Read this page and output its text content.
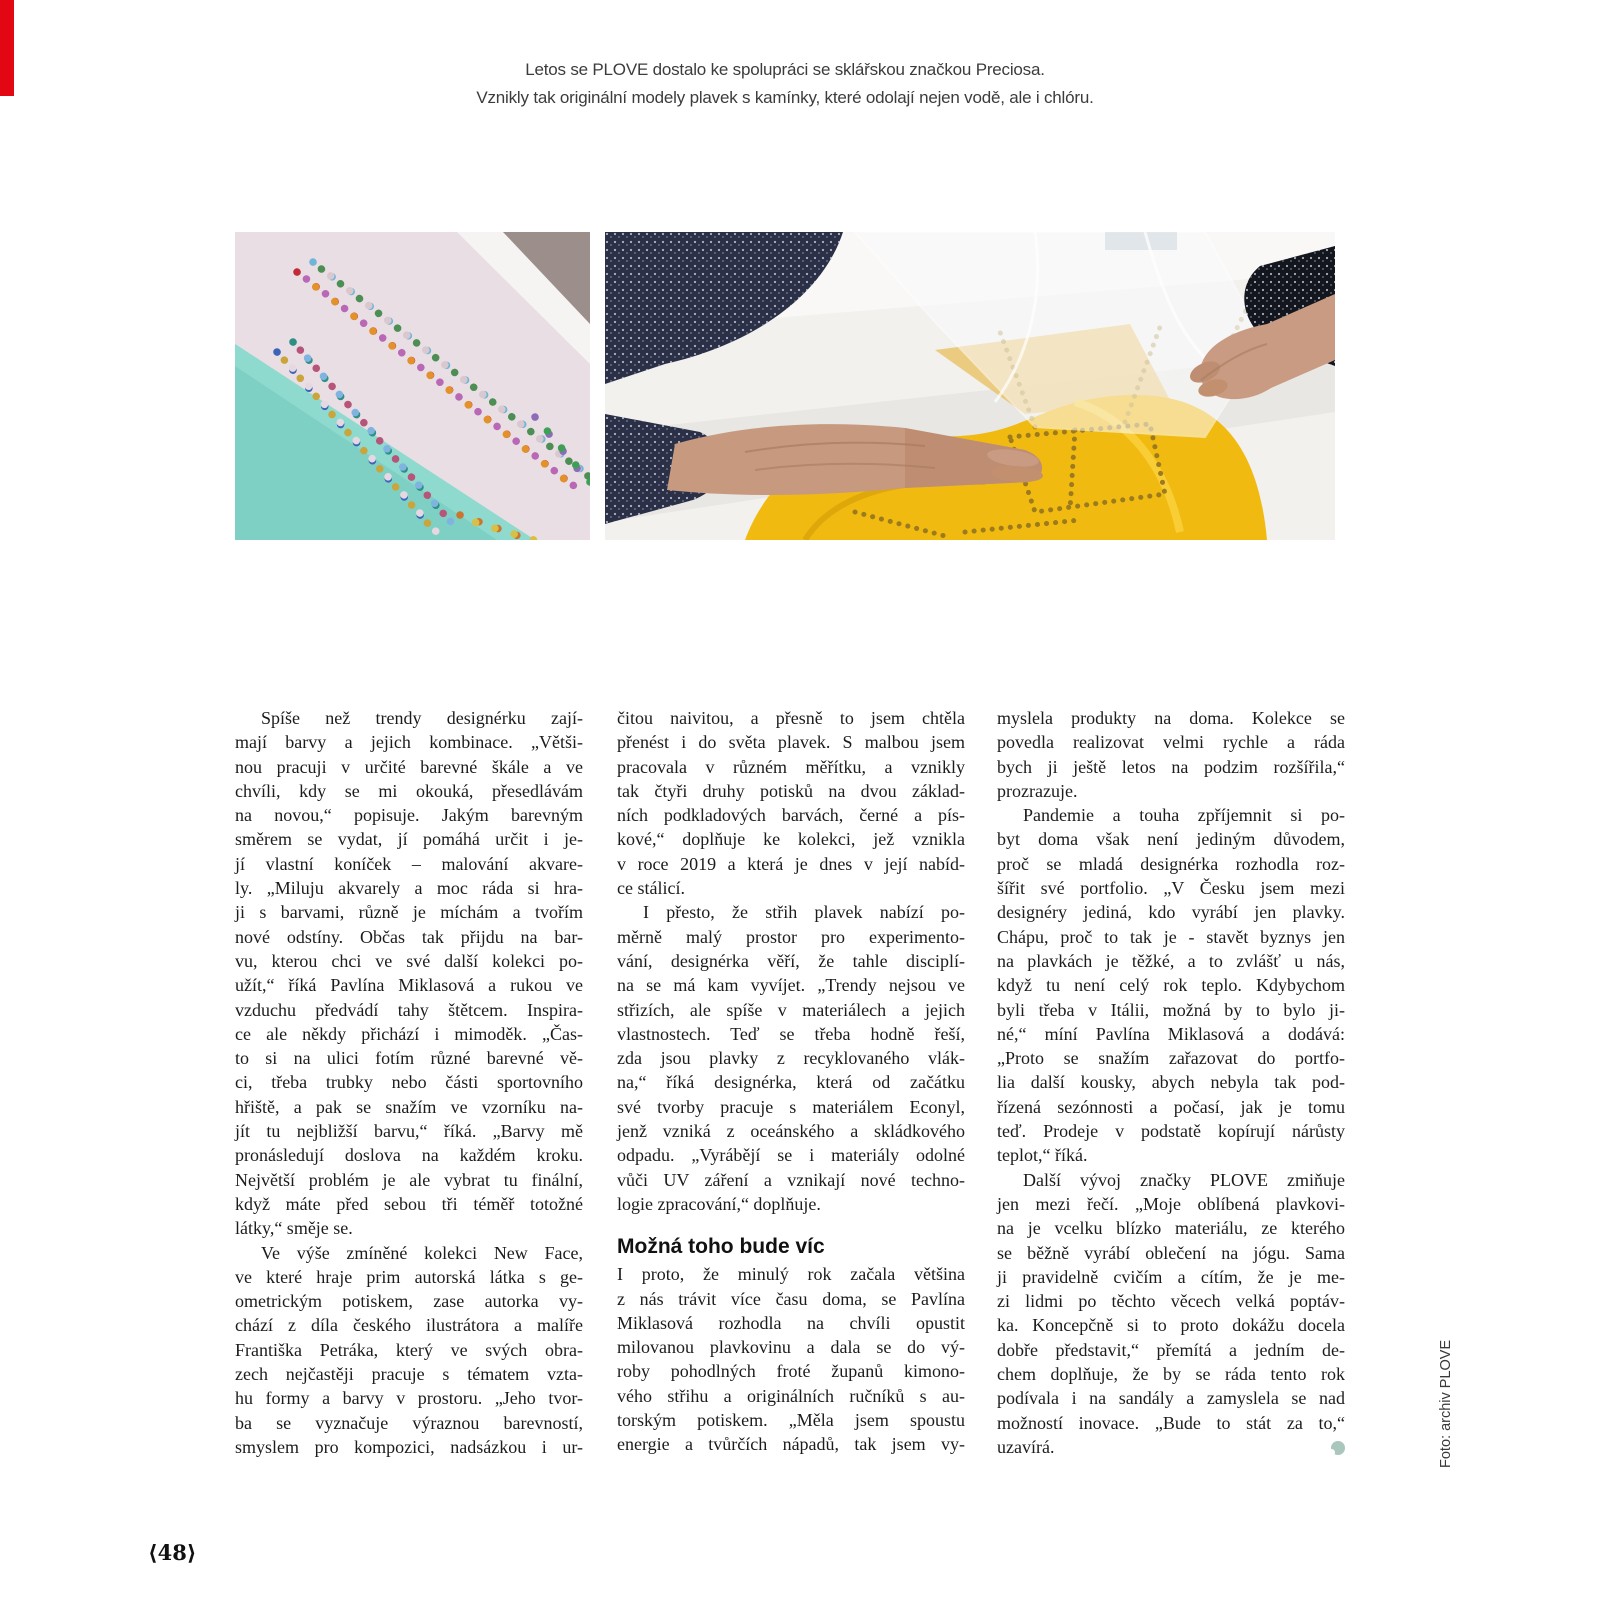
Letos se PLOVE dostalo ke spolupráci se sklářskou značkou Preciosa.
Vznikly tak originální modely plavek s kamínky, které odolají nejen vodě, ale i chlóru.
Spíše než trendy designérku zají-
mají barvy a jejich kombinace. „Větši-
nou pracuji v určité barevné škále a ve
chvíli, kdy se mi okouká, přesedlávám
na novou,“ popisuje. Jakým barevným
směrem se vydat, jí pomáhá určit i je-
jí vlastní koníček – malování akvare-
ly. „Miluju akvarely a moc ráda si hra-
ji s barvami, různě je míchám a tvořím
nové odstíny. Občas tak přijdu na bar-
vu, kterou chci ve své další kolekci po-
užít,“ říká Pavlína Miklasová a rukou ve
vzduchu předvádí tahy štětcem. Inspira-
ce ale někdy přichází i mimoděk. „Čas-
to si na ulici fotím různé barevné vě-
ci, třeba trubky nebo části sportovního
hřiště, a pak se snažím ve vzorníku na-
jít tu nejbližší barvu,“ říká. „Barvy mě
pronásledují doslova na každém kroku.
Největší problém je ale vybrat tu finální,
když máte před sebou tři téměř totožné
látky,“ směje se.
Ve výše zmíněné kolekci New Face,
ve které hraje prim autorská látka s ge-
ometrickým potiskem, zase autorka vy-
chází z díla českého ilustrátora a malíře
Františka Petráka, který ve svých obra-
zech nejčastěji pracuje s tématem vzta-
hu formy a barvy v prostoru. „Jeho tvor-
ba se vyznačuje výraznou barevností,
smyslem pro kompozici, nadsázkou i ur-
čitou naivitou, a přesně to jsem chtěla
přenést i do světa plavek. S malbou jsem
pracovala v různém měřítku, a vznikly
tak čtyři druhy potisků na dvou základ-
ních podkladových barvách, černé a pís-
kové,“ doplňuje ke kolekci, jež vznikla
v roce 2019 a která je dnes v její nabíd-
ce stálicí.
I přesto, že střih plavek nabízí po-
měrně malý prostor pro experimento-
vání, designérka věří, že tahle disciplí-
na se má kam vyvíjet. „Trendy nejsou ve
střizích, ale spíše v materiálech a jejich
vlastnostech. Teď se třeba hodně řeší,
zda jsou plavky z recyklovaného vlák-
na,“ říká designérka, která od začátku
své tvorby pracuje s materiálem Econyl,
jenž vzniká z oceánského a skládkového
odpadu. „Vyrábějí se i materiály odolné
vůči UV záření a vznikají nové techno-
logie zpracování,“ doplňuje.
Možná toho bude víc
I proto, že minulý rok začala většina
z nás trávit více času doma, se Pavlína
Miklasová rozhodla na chvíli opustit
milovanou plavkovinu a dala se do vý-
roby pohodlných froté županů kimono-
vého střihu a originálních ručníků s au-
torským potiskem. „Měla jsem spoustu
energie a tvůrčích nápadů, tak jsem vy-
myslela produkty na doma. Kolekce se
povedla realizovat velmi rychle a ráda
bych ji ještě letos na podzim rozšířila,“
prozrazuje.
Pandemie a touha zpříjemnit si po-
byt doma však není jediným důvodem,
proč se mladá designérka rozhodla roz-
šířit své portfolio. „V Česku jsem mezi
designéry jediná, kdo vyrábí jen plavky.
Chápu, proč to tak je - stavět byznys jen
na plavkách je těžké, a to zvlášť u nás,
když tu není celý rok teplo. Kdybychom
byli třeba v Itálii, možná by to bylo ji-
né,“ míní Pavlína Miklasová a dodává:
„Proto se snažím zařazovat do portfo-
lia další kousky, abych nebyla tak pod-
řízená sezónnosti a počasí, jak je tomu
teď. Prodeje v podstatě kopírují nárůsty
teplot,“ říká.
Další vývoj značky PLOVE zmiňuje
jen mezi řečí. „Moje oblíbená plavkovi-
na je vcelku blízko materiálu, ze kterého
se běžně vyrábí oblečení na jógu. Sama
ji pravidelně cvičím a cítím, že je me-
zi lidmi po těchto věcech velká poptáv-
ka. Koncepčně si to proto dokážu docela
dobře představit,“ přemítá a jedním de-
chem doplňuje, že by se ráda tento rok
podívala i na sandály a zamyslela se nad
možností inovace. „Bude to stát za to,“
uzavírá.
⟨48⟩
Foto: archiv PLOVE
